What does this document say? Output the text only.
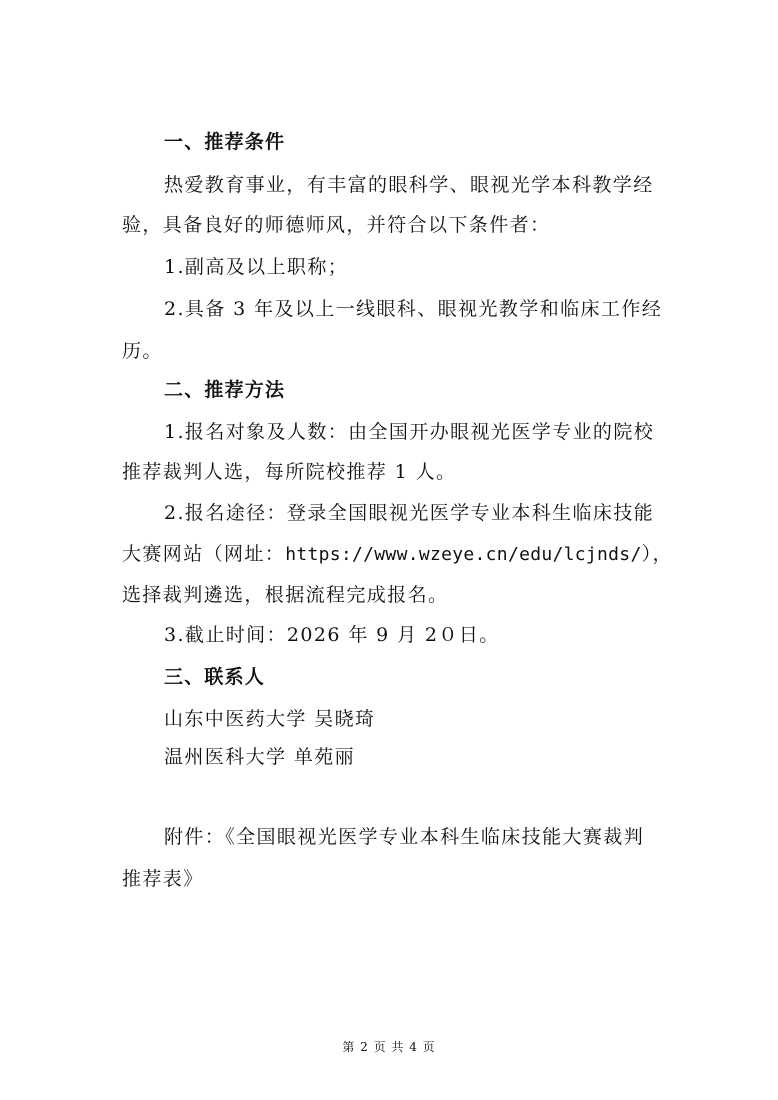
一、推荐条件
热爱教育事业，有丰富的眼科学、眼视光学本科教学经
验，具备良好的师德师风，并符合以下条件者：
1.副高及以上职称；
2.具备 3 年及以上一线眼科、眼视光教学和临床工作经
历。
二、推荐方法
1.报名对象及人数：由全国开办眼视光医学专业的院校
推荐裁判人选，每所院校推荐 1 人。
2.报名途径：登录全国眼视光医学专业本科生临床技能
大赛网站（网址：https://www.wzeye.cn/edu/lcjnds/），
选择裁判遴选，根据流程完成报名。
3.截止时间：2026 年 9 月 2０日。
三、联系人
山东中医药大学 吴晓琦
温州医科大学 单苑丽
附件：《全国眼视光医学专业本科生临床技能大赛裁判
推荐表》
第 2 页 共 4 页
